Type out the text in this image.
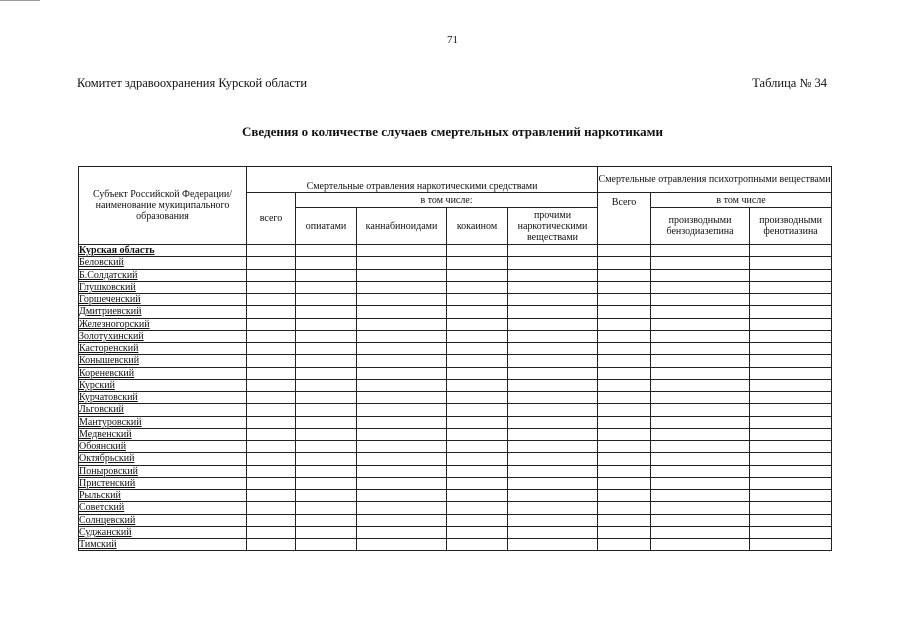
71
Комитет здравоохранения Курской области	Таблица № 34
Сведения о количестве случаев смертельных отравлений наркотиками
Субъект Российской Федерации/ наименование мукиципального образования	Смертельные отравления наркотическими средствами					Смертельные отравления психотропными веществами		
	всего	в том числе:				Всего	в том числе	
		опиатами	каннабиноидами	кокаином	прочими наркотическими веществами		производными бензодиазепина	производными фенотиазина
Курская область								
Беловский								
Б.Солдатский								
Глушковский								
Горшеченский								
Дмитриевский								
Железногорский								
Золотухинский								
Касторенский								
Конышевский								
Кореневский								
Курский								
Курчатовский								
Льговский								
Мантуровский								
Медвенский								
Обоянский								
Октябрьский								
Поныровский								
Пристенский								
Рыльский								
Советский								
Солнцевский								
Суджанский								
Тимский								
